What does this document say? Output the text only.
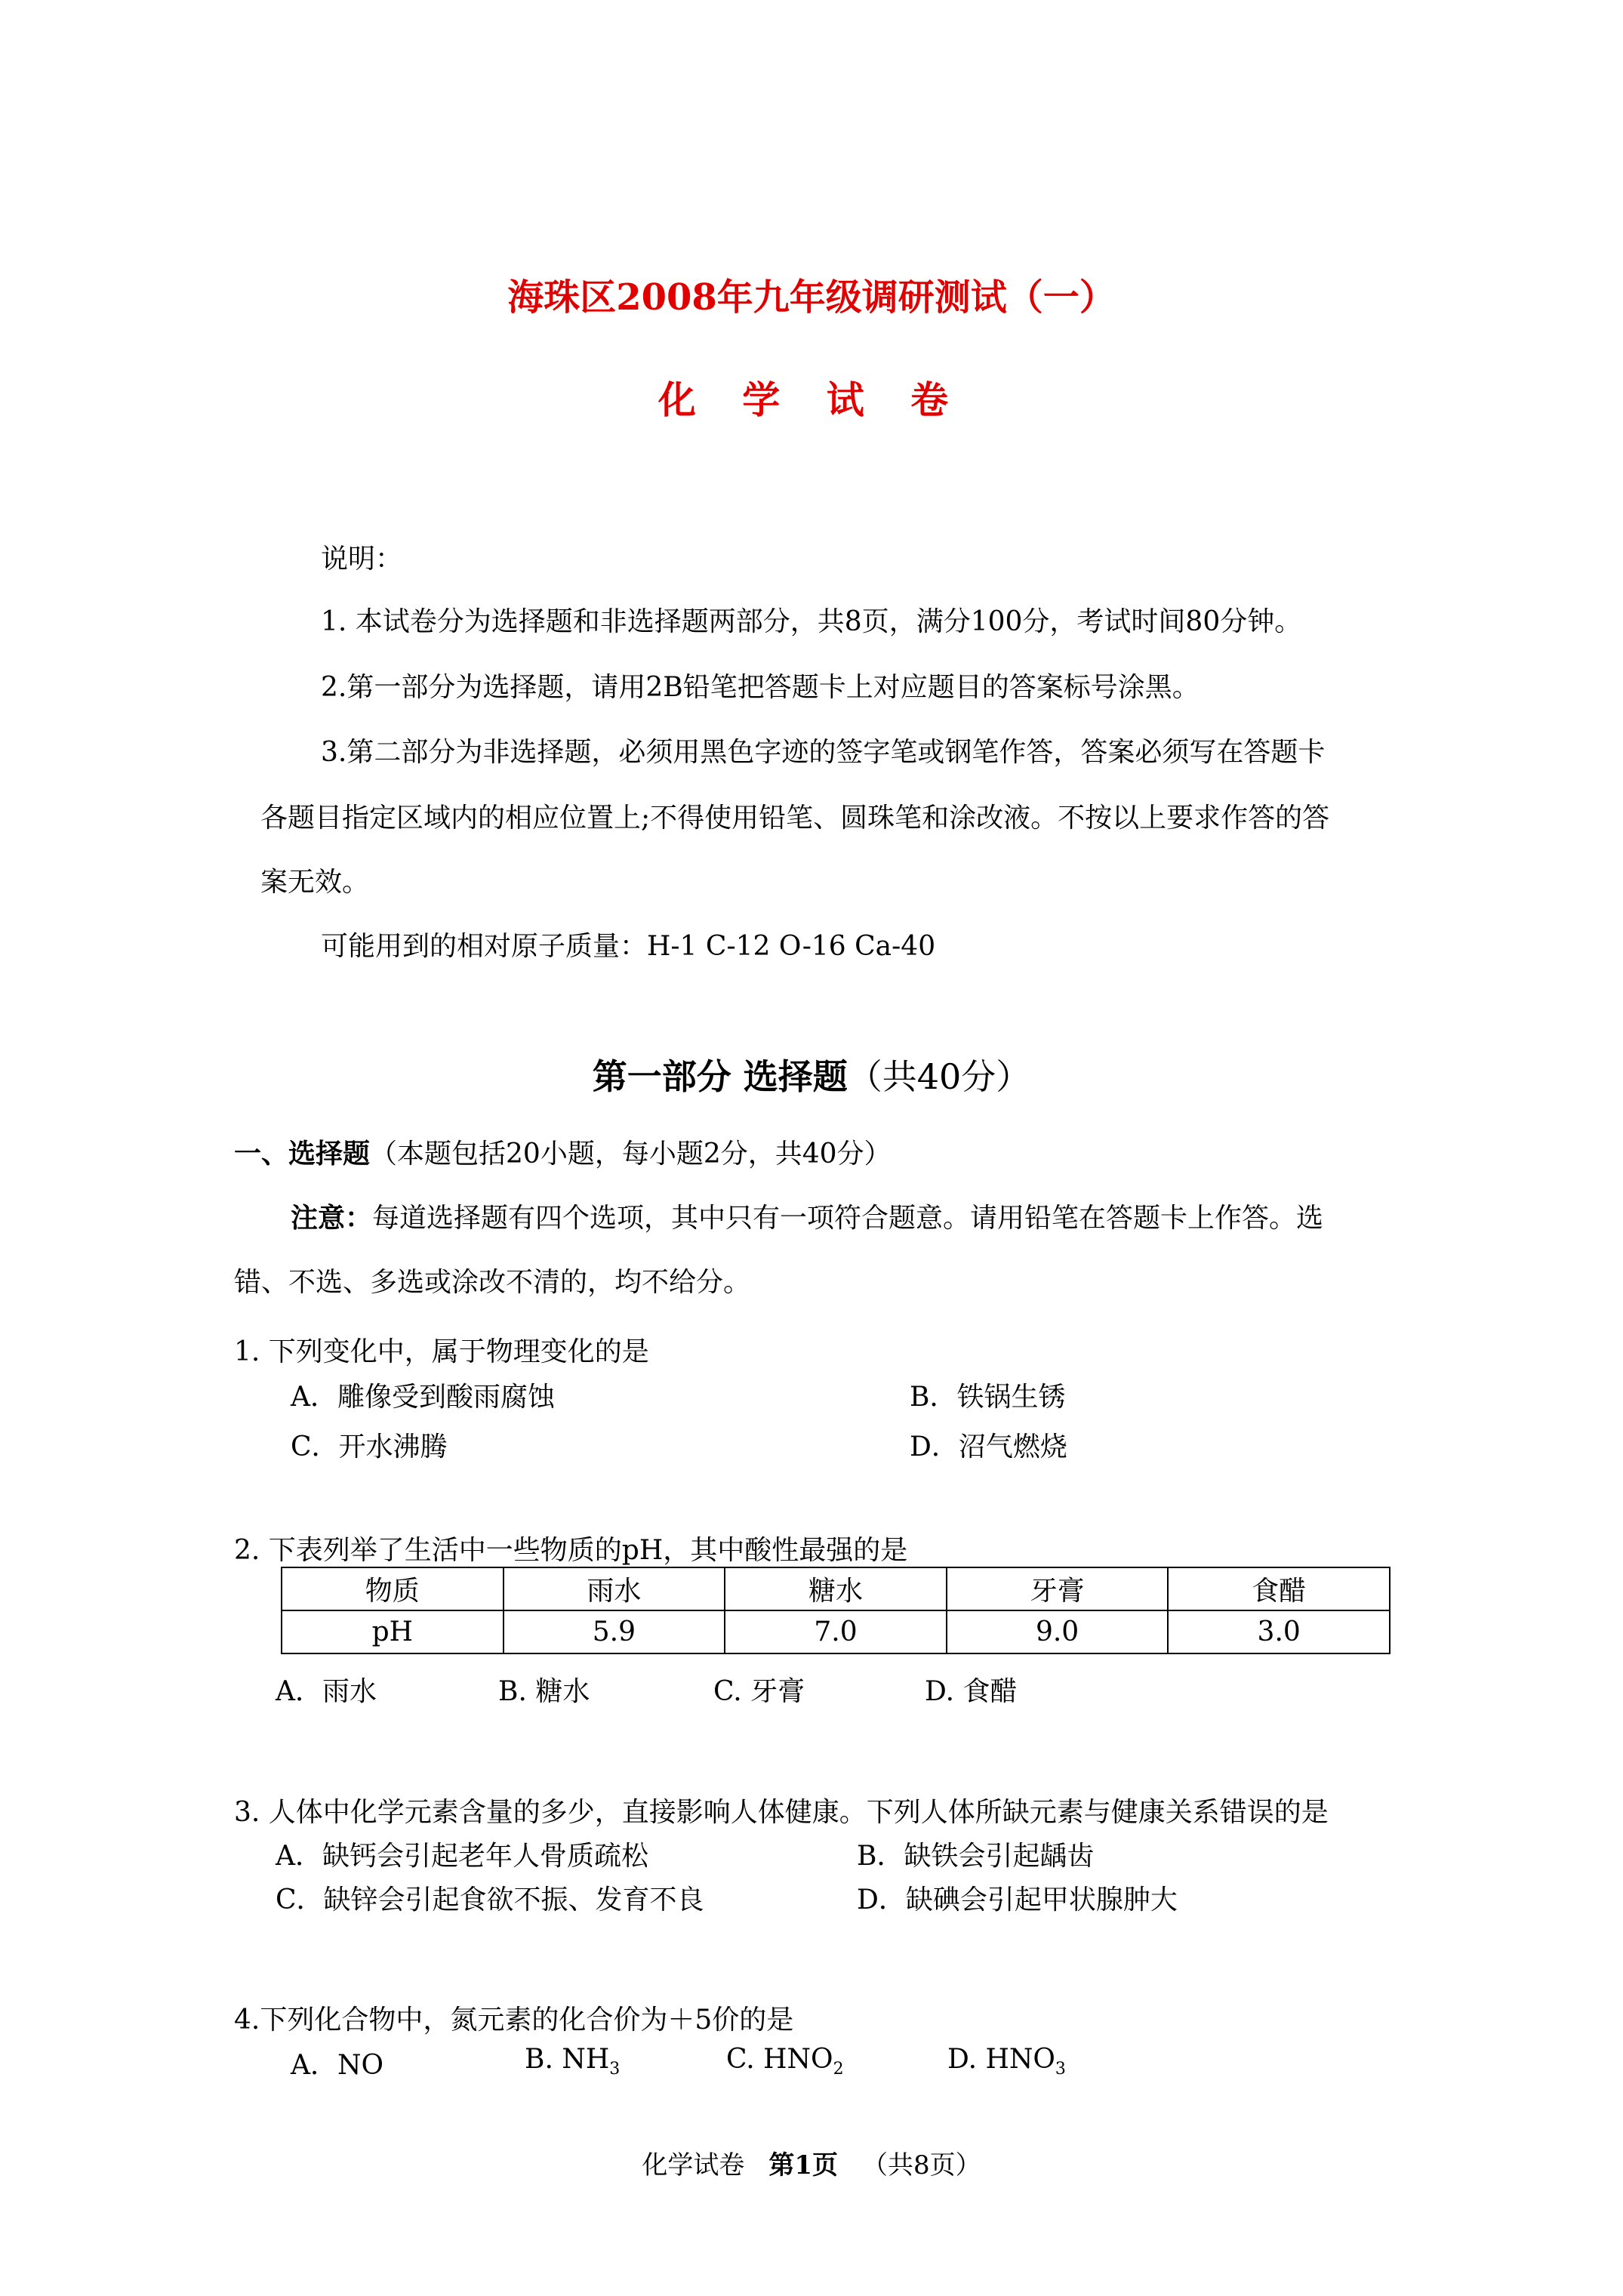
海珠区2008年九年级调研测试（一）
化 学 试 卷
说明：
1. 本试卷分为选择题和非选择题两部分，共8页，满分100分，考试时间80分钟。
2.第一部分为选择题，请用2B铅笔把答题卡上对应题目的答案标号涂黑。
3.第二部分为非选择题，必须用黑色字迹的签字笔或钢笔作答，答案必须写在答题卡
各题目指定区域内的相应位置上;不得使用铅笔、圆珠笔和涂改液。不按以上要求作答的答
案无效。
可能用到的相对原子质量：H-1 C-12 O-16 Ca-40
第一部分 选择题（共40分）
一、选择题（本题包括20小题，每小题2分，共40分）
注意：每道选择题有四个选项，其中只有一项符合题意。请用铅笔在答题卡上作答。选
错、不选、多选或涂改不清的，均不给分。
1. 下列变化中，属于物理变化的是
A．雕像受到酸雨腐蚀	B．铁锅生锈
C．开水沸腾	D．沼气燃烧
2. 下表列举了生活中一些物质的pH，其中酸性最强的是
物质	雨水	糖水	牙膏	食醋
pH	5.9	7.0	9.0	3.0
A．雨水	B. 糖水	C. 牙膏	D. 食醋
3. 人体中化学元素含量的多少，直接影响人体健康。下列人体所缺元素与健康关系错误的是
A．缺钙会引起老年人骨质疏松	B．缺铁会引起龋齿
C．缺锌会引起食欲不振、发育不良	D．缺碘会引起甲状腺肿大
4.下列化合物中，氮元素的化合价为＋5价的是
A．NO	B. $NH_3$	C. $HNO_2$	D. $HNO_3$
化学试卷 第1页 （共8页）
